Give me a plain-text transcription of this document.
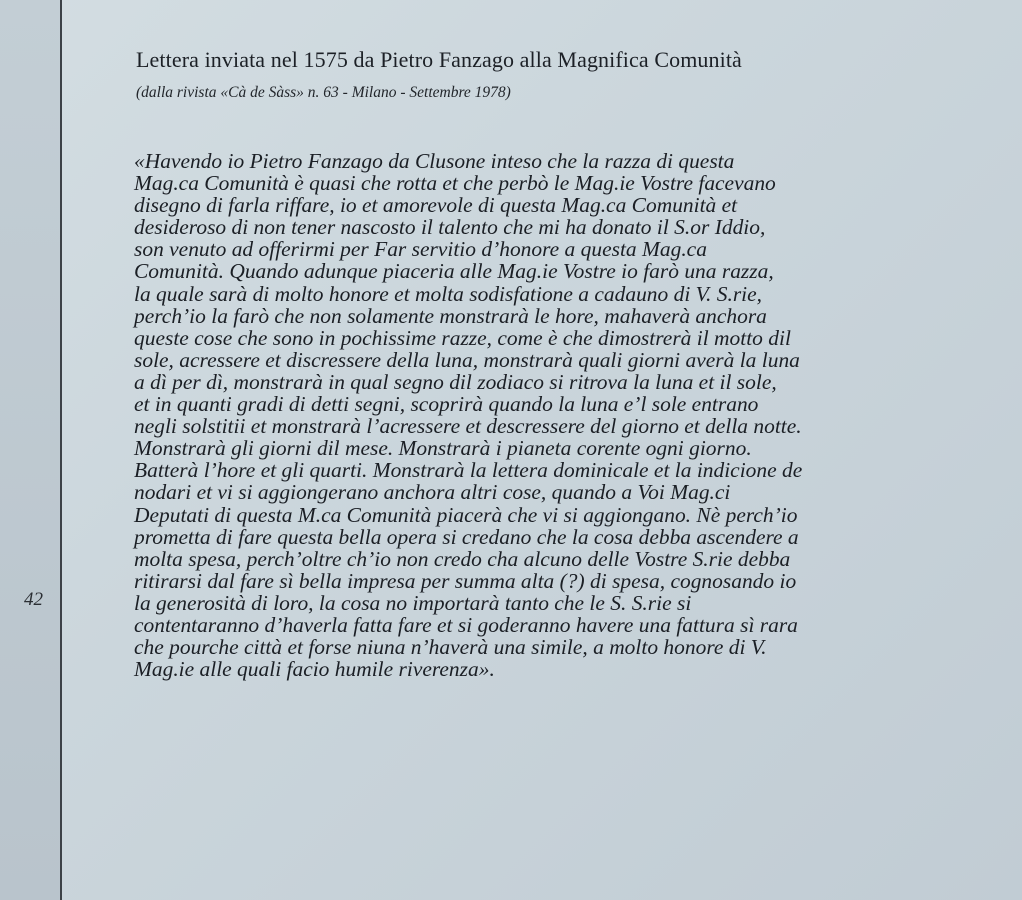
42
Lettera inviata nel 1575 da Pietro Fanzago alla Magnifica Comunità
(dalla rivista «Cà de Sàss» n. 63 - Milano - Settembre 1978)
«Havendo io Pietro Fanzago da Clusone inteso che la razza di questa
Mag.ca Comunità è quasi che rotta et che perbò le Mag.ie Vostre facevano
disegno di farla riffare, io et amorevole di questa Mag.ca Comunità et
desideroso di non tener nascosto il talento che mi ha donato il S.or Iddio,
son venuto ad offerirmi per Far servitio d’honore a questa Mag.ca
Comunità. Quando adunque piaceria alle Mag.ie Vostre io farò una razza,
la quale sarà di molto honore et molta sodisfatione a cadauno di V. S.rie,
perch’io la farò che non solamente monstrarà le hore, mahaverà anchora
queste cose che sono in pochissime razze, come è che dimostrerà il motto dil
sole, acressere et discressere della luna, monstrarà quali giorni averà la luna
a dì per dì, monstrarà in qual segno dil zodiaco si ritrova la luna et il sole,
et in quanti gradi di detti segni, scoprirà quando la luna e’l sole entrano
negli solstitii et monstrarà l’acressere et descressere del giorno et della notte.
Monstrarà gli giorni dil mese. Monstrarà i pianeta corente ogni giorno.
Batterà l’hore et gli quarti. Monstrarà la lettera dominicale et la indicione de
nodari et vi si aggiongerano anchora altri cose, quando a Voi Mag.ci
Deputati di questa M.ca Comunità piacerà che vi si aggiongano. Nè perch’io
prometta di fare questa bella opera si credano che la cosa debba ascendere a
molta spesa, perch’oltre ch’io non credo cha alcuno delle Vostre S.rie debba
ritirarsi dal fare sì bella impresa per summa alta (?) di spesa, cognosando io
la generosità di loro, la cosa no importarà tanto che le S. S.rie si
contentaranno d’haverla fatta fare et si goderanno havere una fattura sì rara
che pourche città et forse niuna n’haverà una simile, a molto honore di V.
Mag.ie alle quali facio humile riverenza».
